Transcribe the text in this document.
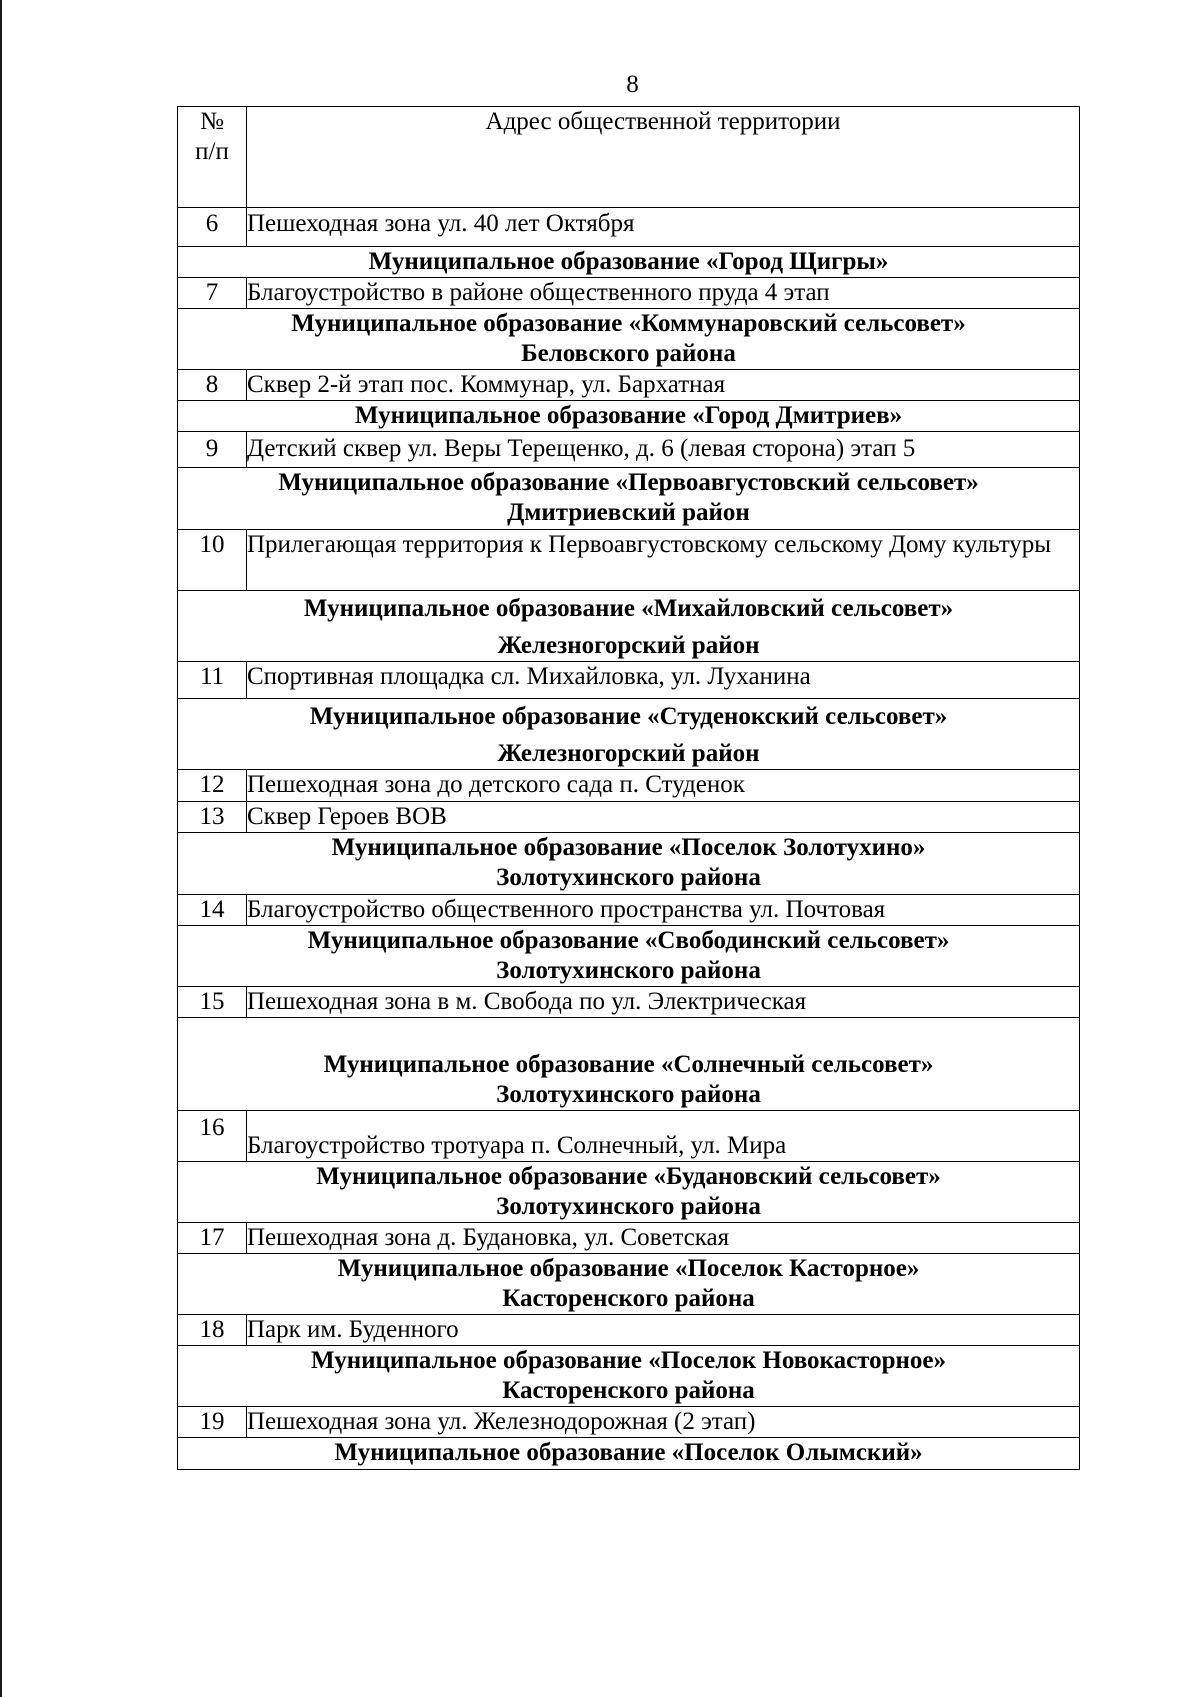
8
№
п/п	Адрес общественной территории
6	Пешеходная зона ул. 40 лет Октября

Муниципальное образование «Город Щигры»	

7	Благоустройство в районе общественного пруда 4 этап

Муниципальное образование «Коммунаровский сельсовет»
Беловского района	

8	Сквер 2-й этап пос. Коммунар, ул. Бархатная

Муниципальное образование «Город Дмитриев»	

9	Детский сквер ул. Веры Терещенко, д. 6 (левая сторона) этап 5

Муниципальное образование «Первоавгустовский сельсовет»
Дмитриевский район	

10	Прилегающая территория к Первоавгустовскому сельскому Дому культуры

Муниципальное образование «Михайловский сельсовет»
Железногорский район	

11	Спортивная площадка сл. Михайловка, ул. Луханина

Муниципальное образование «Студенокский сельсовет»
Железногорский район	

12	Пешеходная зона до детского сада п. Студенок
13	Сквер Героев ВОВ

Муниципальное образование «Поселок Золотухино»
Золотухинского района	

14	Благоустройство общественного пространства ул. Почтовая

Муниципальное образование «Свободинский сельсовет»
Золотухинского района	

15	Пешеходная зона в м. Свобода по ул. Электрическая

Муниципальное образование «Солнечный сельсовет»
Золотухинского района	

16	Благоустройство тротуара п. Солнечный, ул. Мира

Муниципальное образование «Будановский сельсовет»
Золотухинского района	

17	Пешеходная зона д. Будановка, ул. Советская

Муниципальное образование «Поселок Касторное»
Касторенского района	

18	Парк им. Буденного

Муниципальное образование «Поселок Новокасторное»
Касторенского района	

19	Пешеходная зона ул. Железнодорожная (2 этап)

Муниципальное образование «Поселок Олымский»	
